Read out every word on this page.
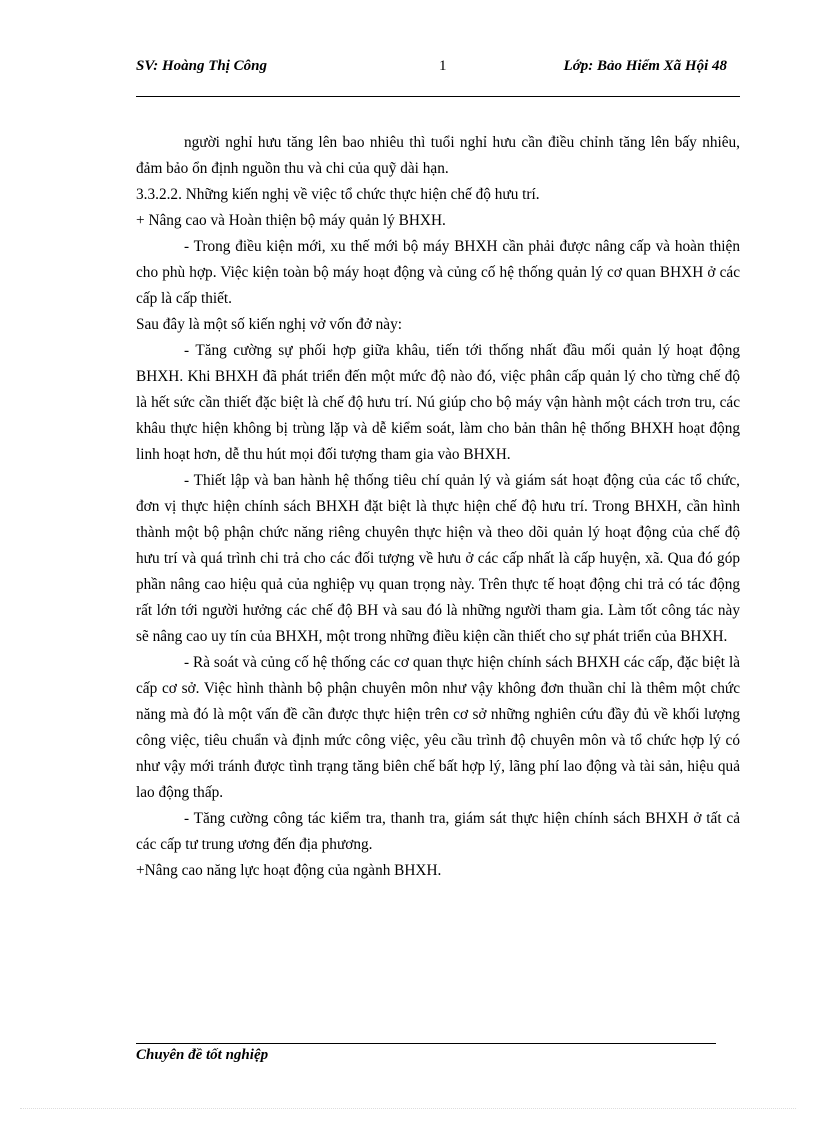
SV: Hoàng Thị Công	1	Lớp: Bảo Hiểm Xã Hội 48

người nghỉ hưu tăng lên bao nhiêu thì tuổi nghỉ hưu cần điều chỉnh tăng lên bấy nhiêu, đảm bảo ổn định nguồn thu và chi của quỹ dài hạn.

3.3.2.2. Những kiến nghị về việc tổ chức thực hiện chế độ hưu trí.

+ Nâng cao và Hoàn thiện bộ máy quản lý BHXH.

- Trong điều kiện mới, xu thế mới bộ máy BHXH cần phải được nâng cấp và hoàn thiện cho phù hợp. Việc kiện toàn bộ máy hoạt động và củng cố hệ thống quản lý cơ quan BHXH ở các cấp là cấp thiết.

Sau đây là một số kiến nghị vở vốn đở này:

- Tăng cường sự phối hợp giữa khâu, tiến tới thống nhất đầu mối quản lý hoạt động BHXH. Khi BHXH đã phát triển đến một mức độ nào đó, việc phân cấp quản lý cho từng chế độ là hết sức cần thiết đặc biệt là chế độ hưu trí. Nú giúp cho bộ máy vận hành một cách trơn tru, các khâu thực hiện không bị trùng lặp và dễ kiểm soát, làm cho bản thân hệ thống BHXH hoạt động linh hoạt hơn, dễ thu hút mọi đối tượng tham gia vào BHXH.

- Thiết lập và ban hành hệ thống tiêu chí quản lý và giám sát hoạt động của các tổ chức, đơn vị thực hiện chính sách BHXH đặt biệt là thực hiện chế độ hưu trí. Trong BHXH, cần hình thành một bộ phận chức năng riêng chuyên thực hiện và theo dõi quản lý hoạt động của chế độ hưu trí và quá trình chi trả cho các đối tượng về hưu ở các cấp nhất là cấp huyện, xã. Qua đó góp phần nâng cao hiệu quả của nghiệp vụ quan trọng này. Trên thực tế hoạt động chi trả có tác động rất lớn tới người hưởng các chế độ BH và sau đó là những người tham gia. Làm tốt công tác này sẽ nâng cao uy tín của BHXH, một trong những điều kiện cần thiết cho sự phát triển của BHXH.

- Rà soát và củng cố hệ thống các cơ quan thực hiện chính sách BHXH các cấp, đặc biệt là cấp cơ sở. Việc hình thành bộ phận chuyên môn như vậy không đơn thuần chỉ là thêm một chức năng mà đó là một vấn đề cần được thực hiện trên cơ sở những nghiên cứu đầy đủ về khối lượng công việc, tiêu chuẩn và định mức công việc, yêu cầu trình độ chuyên môn và tổ chức hợp lý có như vậy mới tránh được tình trạng tăng biên chế bất hợp lý, lãng phí lao động và tài sản, hiệu quả lao động thấp.

- Tăng cường công tác kiểm tra, thanh tra, giám sát thực hiện chính sách BHXH ở tất cả các cấp tư trung ương đến địa phương.

+Nâng cao năng lực hoạt động của ngành BHXH.

Chuyên đề tốt nghiệp
